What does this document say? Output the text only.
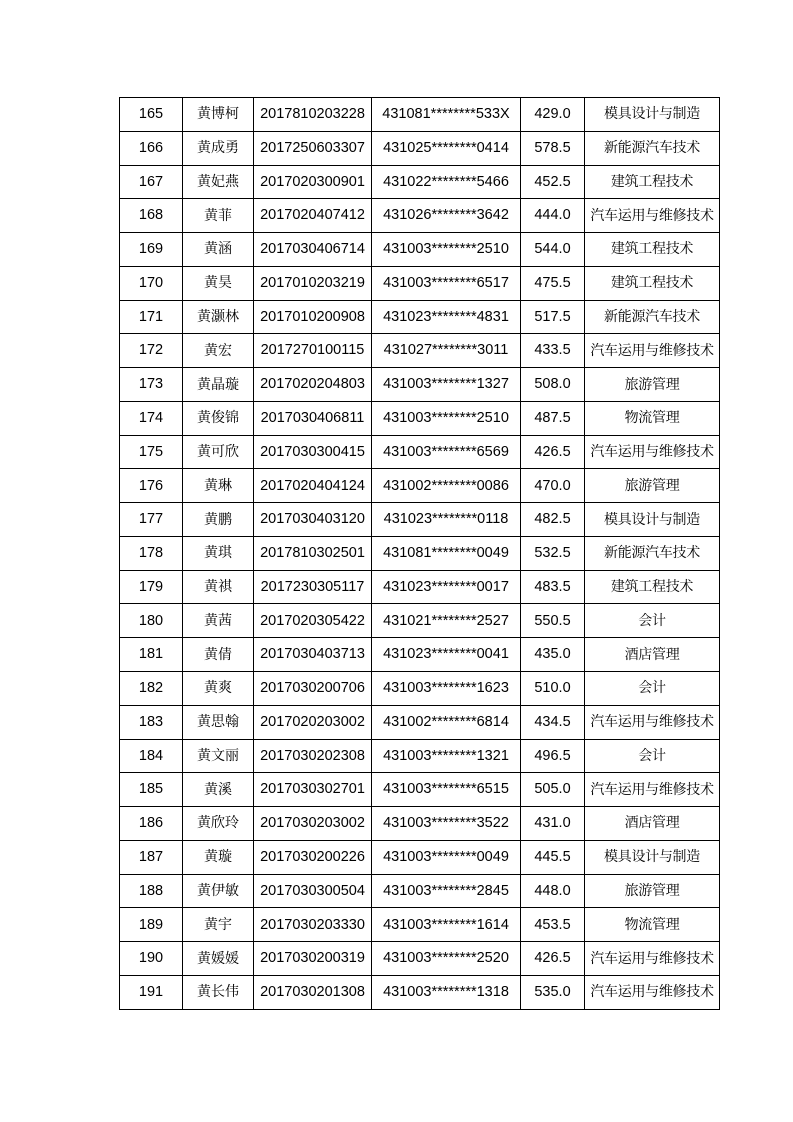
165	黄博柯	2017810203228	431081********533X	429.0	模具设计与制造
166	黄成勇	2017250603307	431025********0414	578.5	新能源汽车技术
167	黄妃燕	2017020300901	431022********5466	452.5	建筑工程技术
168	黄菲	2017020407412	431026********3642	444.0	汽车运用与维修技术
169	黄涵	2017030406714	431003********2510	544.0	建筑工程技术
170	黄昊	2017010203219	431003********6517	475.5	建筑工程技术
171	黄灏林	2017010200908	431023********4831	517.5	新能源汽车技术
172	黄宏	2017270100115	431027********3011	433.5	汽车运用与维修技术
173	黄晶璇	2017020204803	431003********1327	508.0	旅游管理
174	黄俊锦	2017030406811	431003********2510	487.5	物流管理
175	黄可欣	2017030300415	431003********6569	426.5	汽车运用与维修技术
176	黄琳	2017020404124	431002********0086	470.0	旅游管理
177	黄鹏	2017030403120	431023********0118	482.5	模具设计与制造
178	黄琪	2017810302501	431081********0049	532.5	新能源汽车技术
179	黄祺	2017230305117	431023********0017	483.5	建筑工程技术
180	黄茜	2017020305422	431021********2527	550.5	会计
181	黄倩	2017030403713	431023********0041	435.0	酒店管理
182	黄爽	2017030200706	431003********1623	510.0	会计
183	黄思翰	2017020203002	431002********6814	434.5	汽车运用与维修技术
184	黄文丽	2017030202308	431003********1321	496.5	会计
185	黄溪	2017030302701	431003********6515	505.0	汽车运用与维修技术
186	黄欣玲	2017030203002	431003********3522	431.0	酒店管理
187	黄璇	2017030200226	431003********0049	445.5	模具设计与制造
188	黄伊敏	2017030300504	431003********2845	448.0	旅游管理
189	黄宇	2017030203330	431003********1614	453.5	物流管理
190	黄媛媛	2017030200319	431003********2520	426.5	汽车运用与维修技术
191	黄长伟	2017030201308	431003********1318	535.0	汽车运用与维修技术
